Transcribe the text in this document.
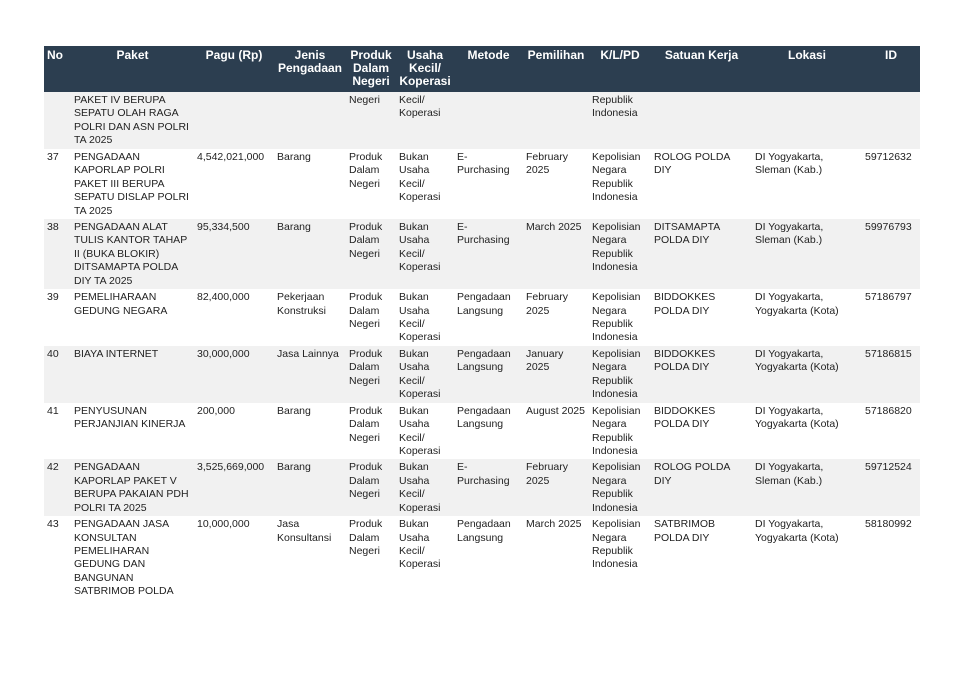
No	Paket	Pagu (Rp)	Jenis Pengadaan	Produk Dalam Negeri	Usaha Kecil/ Koperasi	Metode	Pemilihan	K/L/PD	Satuan Kerja	Lokasi	ID
	PAKET IV BERUPA SEPATU OLAH RAGA POLRI DAN ASN POLRI TA 2025			Negeri	Kecil/ Koperasi			Republik Indonesia			
37	PENGADAAN KAPORLAP POLRI PAKET III BERUPA SEPATU DISLAP POLRI TA 2025	4,542,021,000	Barang	Produk Dalam Negeri	Bukan Usaha Kecil/ Koperasi	E-Purchasing	February 2025	Kepolisian Negara Republik Indonesia	ROLOG POLDA DIY	DI Yogyakarta, Sleman (Kab.)	59712632
38	PENGADAAN ALAT TULIS KANTOR TAHAP II (BUKA BLOKIR) DITSAMAPTA POLDA DIY TA 2025	95,334,500	Barang	Produk Dalam Negeri	Bukan Usaha Kecil/ Koperasi	E-Purchasing	March 2025	Kepolisian Negara Republik Indonesia	DITSAMAPTA POLDA DIY	DI Yogyakarta, Sleman (Kab.)	59976793
39	PEMELIHARAAN GEDUNG NEGARA	82,400,000	Pekerjaan Konstruksi	Produk Dalam Negeri	Bukan Usaha Kecil/ Koperasi	Pengadaan Langsung	February 2025	Kepolisian Negara Republik Indonesia	BIDDOKKES POLDA DIY	DI Yogyakarta, Yogyakarta (Kota)	57186797
40	BIAYA INTERNET	30,000,000	Jasa Lainnya	Produk Dalam Negeri	Bukan Usaha Kecil/ Koperasi	Pengadaan Langsung	January 2025	Kepolisian Negara Republik Indonesia	BIDDOKKES POLDA DIY	DI Yogyakarta, Yogyakarta (Kota)	57186815
41	PENYUSUNAN PERJANJIAN KINERJA	200,000	Barang	Produk Dalam Negeri	Bukan Usaha Kecil/ Koperasi	Pengadaan Langsung	August 2025	Kepolisian Negara Republik Indonesia	BIDDOKKES POLDA DIY	DI Yogyakarta, Yogyakarta (Kota)	57186820
42	PENGADAAN KAPORLAP PAKET V BERUPA PAKAIAN PDH POLRI TA 2025	3,525,669,000	Barang	Produk Dalam Negeri	Bukan Usaha Kecil/ Koperasi	E-Purchasing	February 2025	Kepolisian Negara Republik Indonesia	ROLOG POLDA DIY	DI Yogyakarta, Sleman (Kab.)	59712524
43	PENGADAAN JASA KONSULTAN PEMELIHARAN GEDUNG DAN BANGUNAN SATBRIMOB POLDA	10,000,000	Jasa Konsultansi	Produk Dalam Negeri	Bukan Usaha Kecil/ Koperasi	Pengadaan Langsung	March 2025	Kepolisian Negara Republik Indonesia	SATBRIMOB POLDA DIY	DI Yogyakarta, Yogyakarta (Kota)	58180992
